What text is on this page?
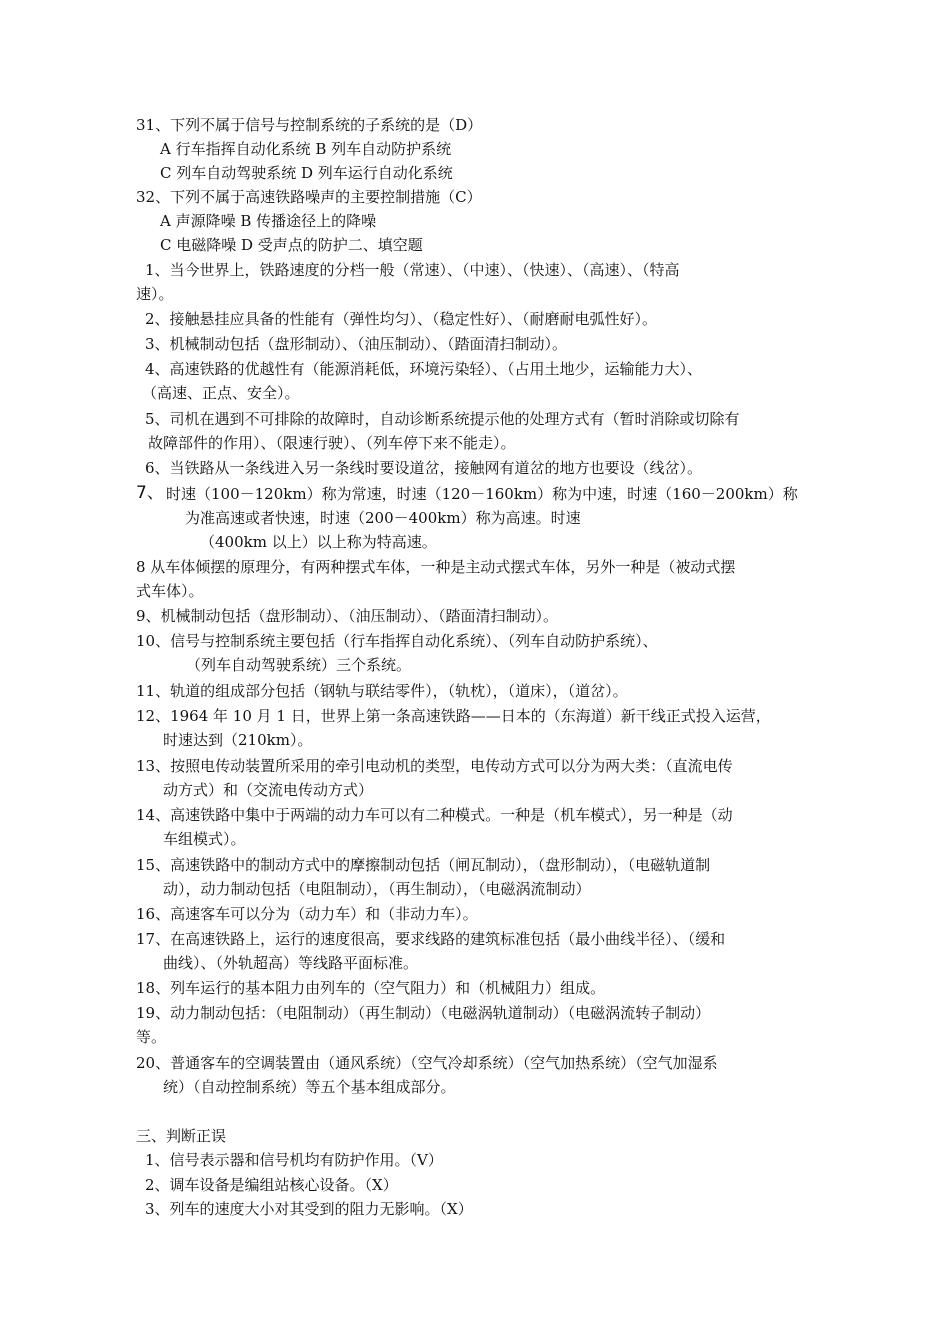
31、下列不属于信号与控制系统的子系统的是（D）
A 行车指挥自动化系统 B 列车自动防护系统
C 列车自动驾驶系统 D 列车运行自动化系统
32、下列不属于高速铁路噪声的主要控制措施（C）
A 声源降噪 B 传播途径上的降噪
C 电磁降噪 D 受声点的防护二、填空题
1、当今世界上，铁路速度的分档一般（常速）、（中速）、（快速）、（高速）、（特高
速）。
2、接触悬挂应具备的性能有（弹性均匀）、（稳定性好）、（耐磨耐电弧性好）。
3、机械制动包括（盘形制动）、（油压制动）、（踏面清扫制动）。
4、高速铁路的优越性有（能源消耗低，环境污染轻）、（占用土地少，运输能力大）、
（高速、正点、安全）。
5、司机在遇到不可排除的故障时，自动诊断系统提示他的处理方式有（暂时消除或切除有
故障部件的作用）、（限速行驶）、（列车停下来不能走）。
6、当铁路从一条线进入另一条线时要设道岔，接触网有道岔的地方也要设（线岔）。
7、 时速（100－120km）称为常速，时速（120－160km）称为中速，时速（160－200km）称
为准高速或者快速，时速（200－400km）称为高速。时速
（400km 以上）以上称为特高速。
8 从车体倾摆的原理分，有两种摆式车体，一种是主动式摆式车体，另外一种是（被动式摆
式车体）。
9、机械制动包括（盘形制动）、（油压制动）、（踏面清扫制动）。
10、信号与控制系统主要包括（行车指挥自动化系统）、（列车自动防护系统）、
（列车自动驾驶系统）三个系统。
11、轨道的组成部分包括（钢轨与联结零件），（轨枕），（道床），（道岔）。
12、1964 年 10 月 1 日，世界上第一条高速铁路——日本的（东海道）新干线正式投入运营，
时速达到（210km）。
13、按照电传动装置所采用的牵引电动机的类型，电传动方式可以分为两大类：（直流电传
动方式）和（交流电传动方式）
14、高速铁路中集中于两端的动力车可以有二种模式。一种是（机车模式），另一种是（动
车组模式）。
15、高速铁路中的制动方式中的摩擦制动包括（闸瓦制动），（盘形制动），（电磁轨道制
动），动力制动包括（电阻制动），（再生制动），（电磁涡流制动）
16、高速客车可以分为（动力车）和（非动力车）。
17、在高速铁路上，运行的速度很高，要求线路的建筑标准包括（最小曲线半径）、（缓和
曲线）、（外轨超高）等线路平面标准。
18、列车运行的基本阻力由列车的（空气阻力）和（机械阻力）组成。
19、动力制动包括：（电阻制动）（再生制动）（电磁涡轨道制动）（电磁涡流转子制动）
等。
20、普通客车的空调装置由（通风系统）（空气冷却系统）（空气加热系统）（空气加湿系
统）（自动控制系统）等五个基本组成部分。
三、判断正误
1、信号表示器和信号机均有防护作用。（V）
2、调车设备是编组站核心设备。（X）
3、列车的速度大小对其受到的阻力无影响。（X）
